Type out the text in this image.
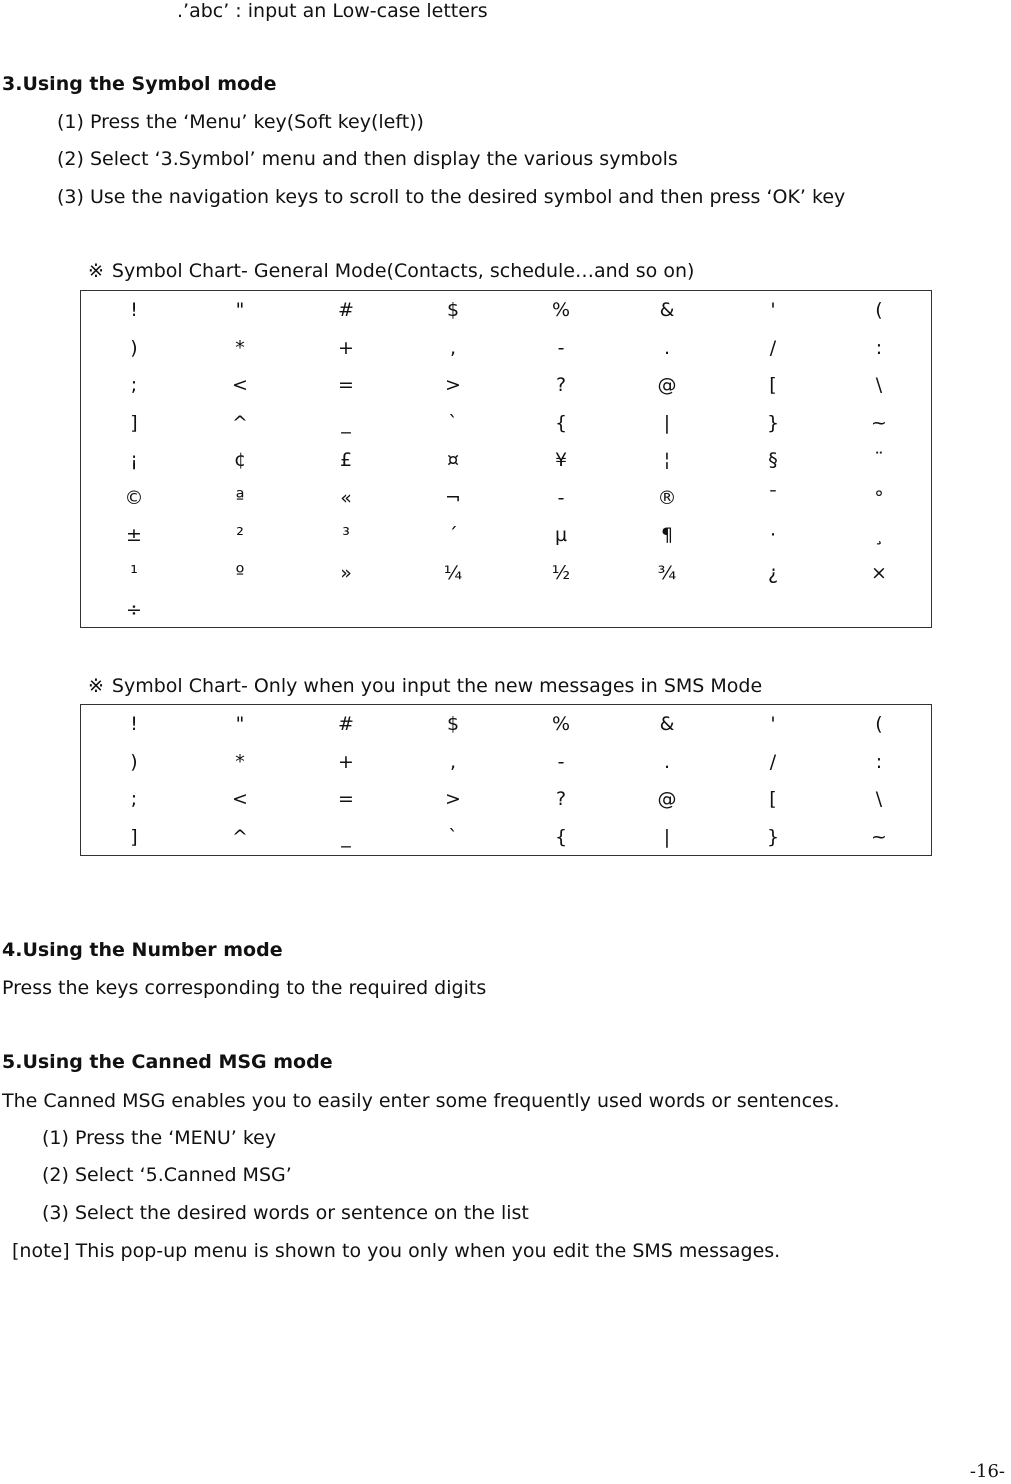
.’abc’ : input an Low-case letters
3.Using the Symbol mode
(1) Press the ‘Menu’ key(Soft key(left))
(2) Select ‘3.Symbol’ menu and then display the various symbols
(3) Use the navigation keys to scroll to the desired symbol and then press ‘OK’ key
※ Symbol Chart- General Mode(Contacts, schedule…and so on)
!	"	#	$	%	&	'	(
)	*	+	,	-	.	/	:
;	<	=	>	?	@	[	\
]	^	_	`	{	|	}	~
¡	¢	£	¤	¥	¦	§	¨
©	ª	«	¬	-	®	¯	°
±	²	³	´	µ	¶	·	¸
¹	º	»	¼	½	¾	¿	×
÷
※ Symbol Chart- Only when you input the new messages in SMS Mode
!	"	#	$	%	&	'	(
)	*	+	,	-	.	/	:
;	<	=	>	?	@	[	\
]	^	_	`	{	|	}	~
4.Using the Number mode
Press the keys corresponding to the required digits
5.Using the Canned MSG mode
The Canned MSG enables you to easily enter some frequently used words or sentences.
(1) Press the ‘MENU’ key
(2) Select ‘5.Canned MSG’
(3) Select the desired words or sentence on the list
[note] This pop-up menu is shown to you only when you edit the SMS messages.
-16-
